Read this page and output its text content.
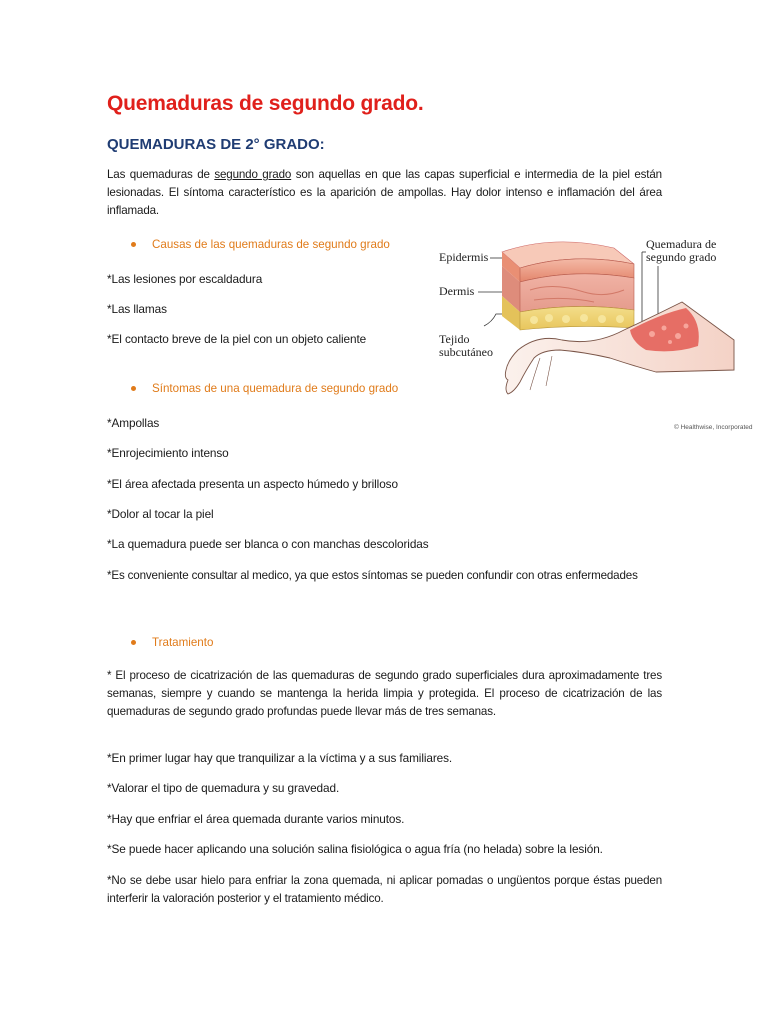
Quemaduras de segundo grado.
QUEMADURAS DE 2° GRADO:
Las quemaduras de segundo grado son aquellas en que las capas superficial e intermedia de la piel están lesionadas. El síntoma característico es la aparición de ampollas. Hay dolor intenso e inflamación del área inflamada.
Causas de las quemaduras de segundo grado
*Las lesiones por escaldadura
*Las llamas
*El contacto breve de la piel con un objeto caliente
Síntomas de una quemadura de segundo grado
*Ampollas
*Enrojecimiento intenso
*El área afectada presenta un aspecto húmedo y brilloso
*Dolor al tocar la piel
*La quemadura puede ser blanca o con manchas descoloridas
*Es conveniente consultar al medico, ya que estos síntomas se pueden confundir con otras enfermedades
Tratamiento
* El proceso de cicatrización de las quemaduras de segundo grado superficiales dura aproximadamente tres semanas, siempre y cuando se mantenga la herida limpia y protegida. El proceso de cicatrización de las quemaduras de segundo grado profundas puede llevar más de tres semanas.
*En primer lugar hay que tranquilizar a la víctima y a sus familiares.
*Valorar el tipo de quemadura y su gravedad.
*Hay que enfriar el área quemada durante varios minutos.
*Se puede hacer aplicando una solución salina fisiológica o agua fría (no helada) sobre la lesión.
*No se debe usar hielo para enfriar la zona quemada, ni aplicar pomadas o ungüentos porque éstas pueden interferir la valoración posterior y el tratamiento médico.
Epidermis
Dermis
Tejido
subcutáneo
Quemadura de
segundo grado
© Healthwise, Incorporated
